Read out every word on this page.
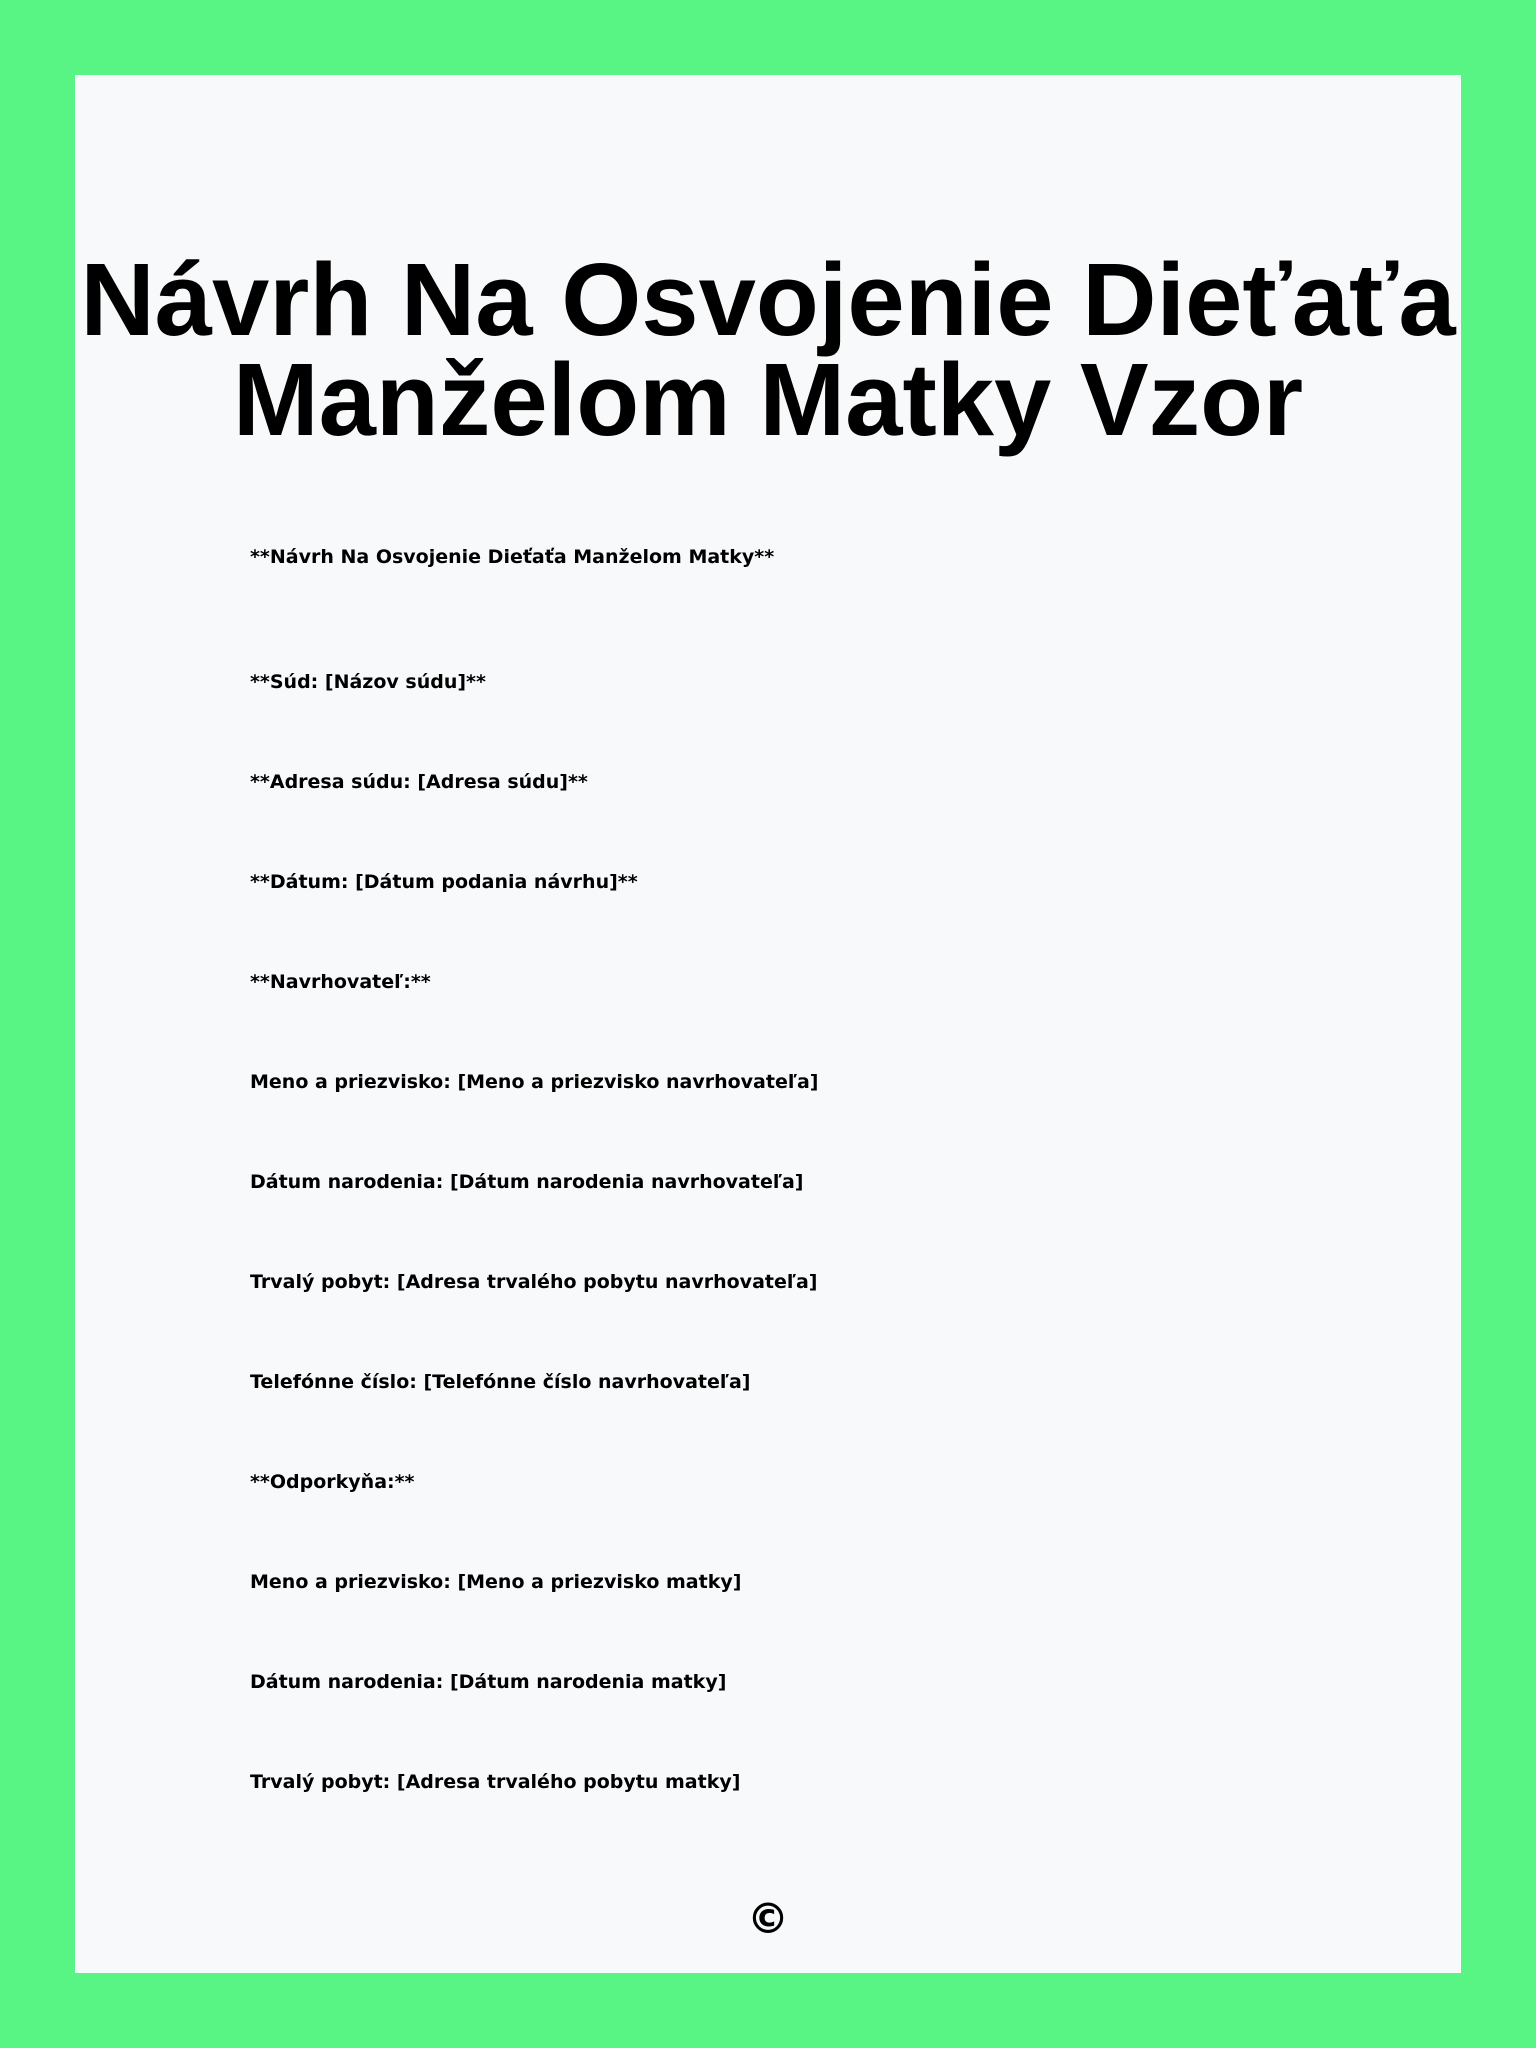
Návrh Na Osvojenie Dieťaťa
Manželom Matky Vzor

**Návrh Na Osvojenie Dieťaťa Manželom Matky**

**Súd: [Názov súdu]**

**Adresa súdu: [Adresa súdu]**

**Dátum: [Dátum podania návrhu]**

**Navrhovateľ:**

Meno a priezvisko: [Meno a priezvisko navrhovateľa]

Dátum narodenia: [Dátum narodenia navrhovateľa]

Trvalý pobyt: [Adresa trvalého pobytu navrhovateľa]

Telefónne číslo: [Telefónne číslo navrhovateľa]

**Odporkyňa:**

Meno a priezvisko: [Meno a priezvisko matky]

Dátum narodenia: [Dátum narodenia matky]

Trvalý pobyt: [Adresa trvalého pobytu matky]

©
